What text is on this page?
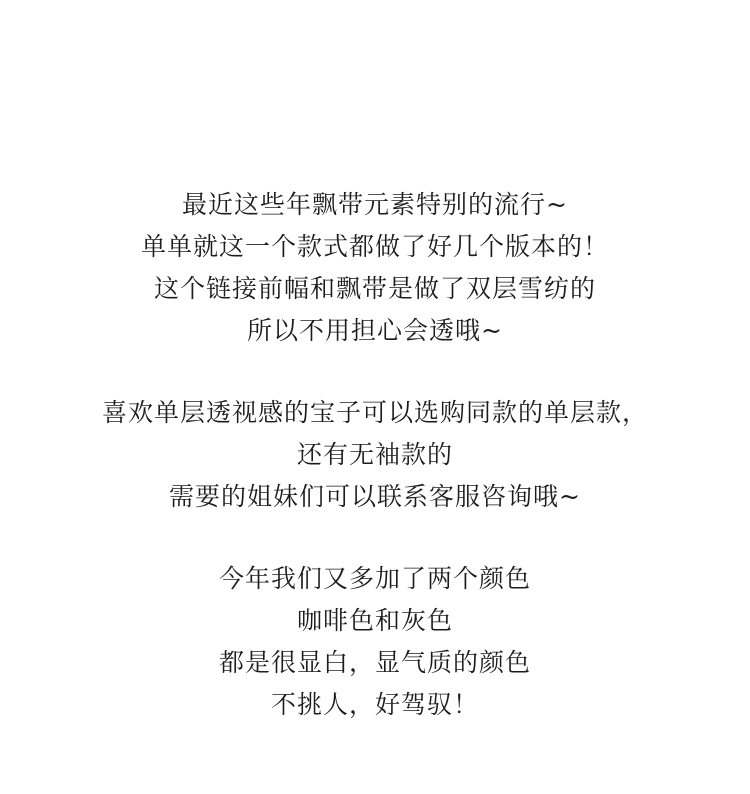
最近这些年飘带元素特别的流行~
单单就这一个款式都做了好几个版本的！
这个链接前幅和飘带是做了双层雪纺的
所以不用担心会透哦~
喜欢单层透视感的宝子可以选购同款的单层款，
还有无袖款的
需要的姐妹们可以联系客服咨询哦~
今年我们又多加了两个颜色
咖啡色和灰色
都是很显白，显气质的颜色
不挑人，好驾驭！
